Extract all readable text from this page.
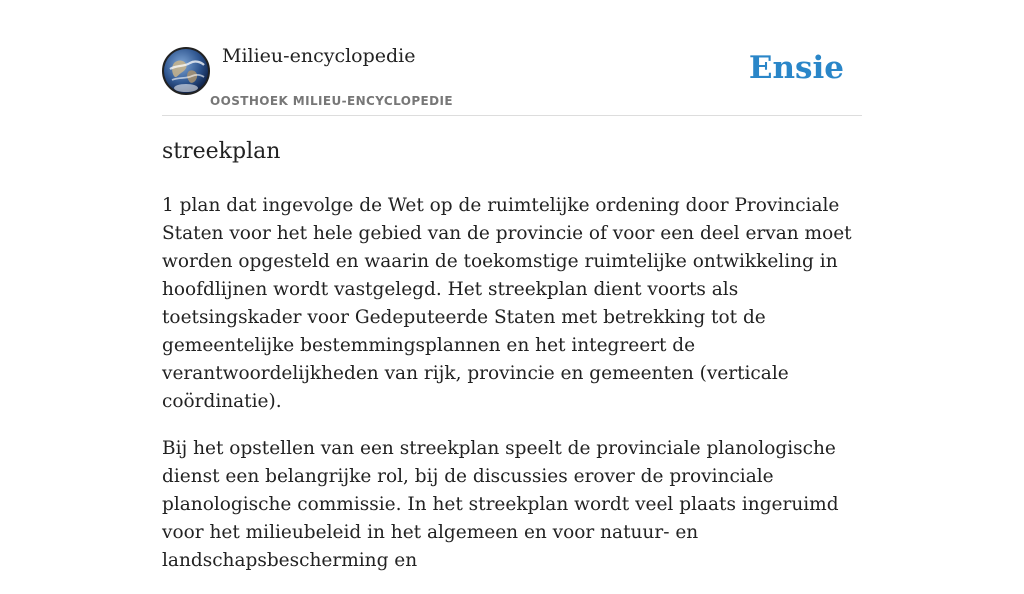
Milieu-encyclopedie
OOSTHOEK MILIEU-ENCYCLOPEDIE
Ensie
streekplan

1 plan dat ingevolge de Wet op de ruimtelijke ordening door Provinciale Staten voor het hele gebied van de provincie of voor een deel ervan moet worden opgesteld en waarin de toekomstige ruimtelijke ontwikkeling in hoofdlijnen wordt vastgelegd. Het streekplan dient voorts als toetsingskader voor Gedeputeerde Staten met betrekking tot de gemeentelijke bestemmingsplannen en het integreert de verantwoordelijkheden van rijk, provincie en gemeenten (verticale coördinatie).

Bij het opstellen van een streekplan speelt de provinciale planologische dienst een belangrijke rol, bij de discussies erover de provinciale planologische commissie. In het streekplan wordt veel plaats ingeruimd voor het milieubeleid in het algemeen en voor natuur- en landschapsbescherming en
